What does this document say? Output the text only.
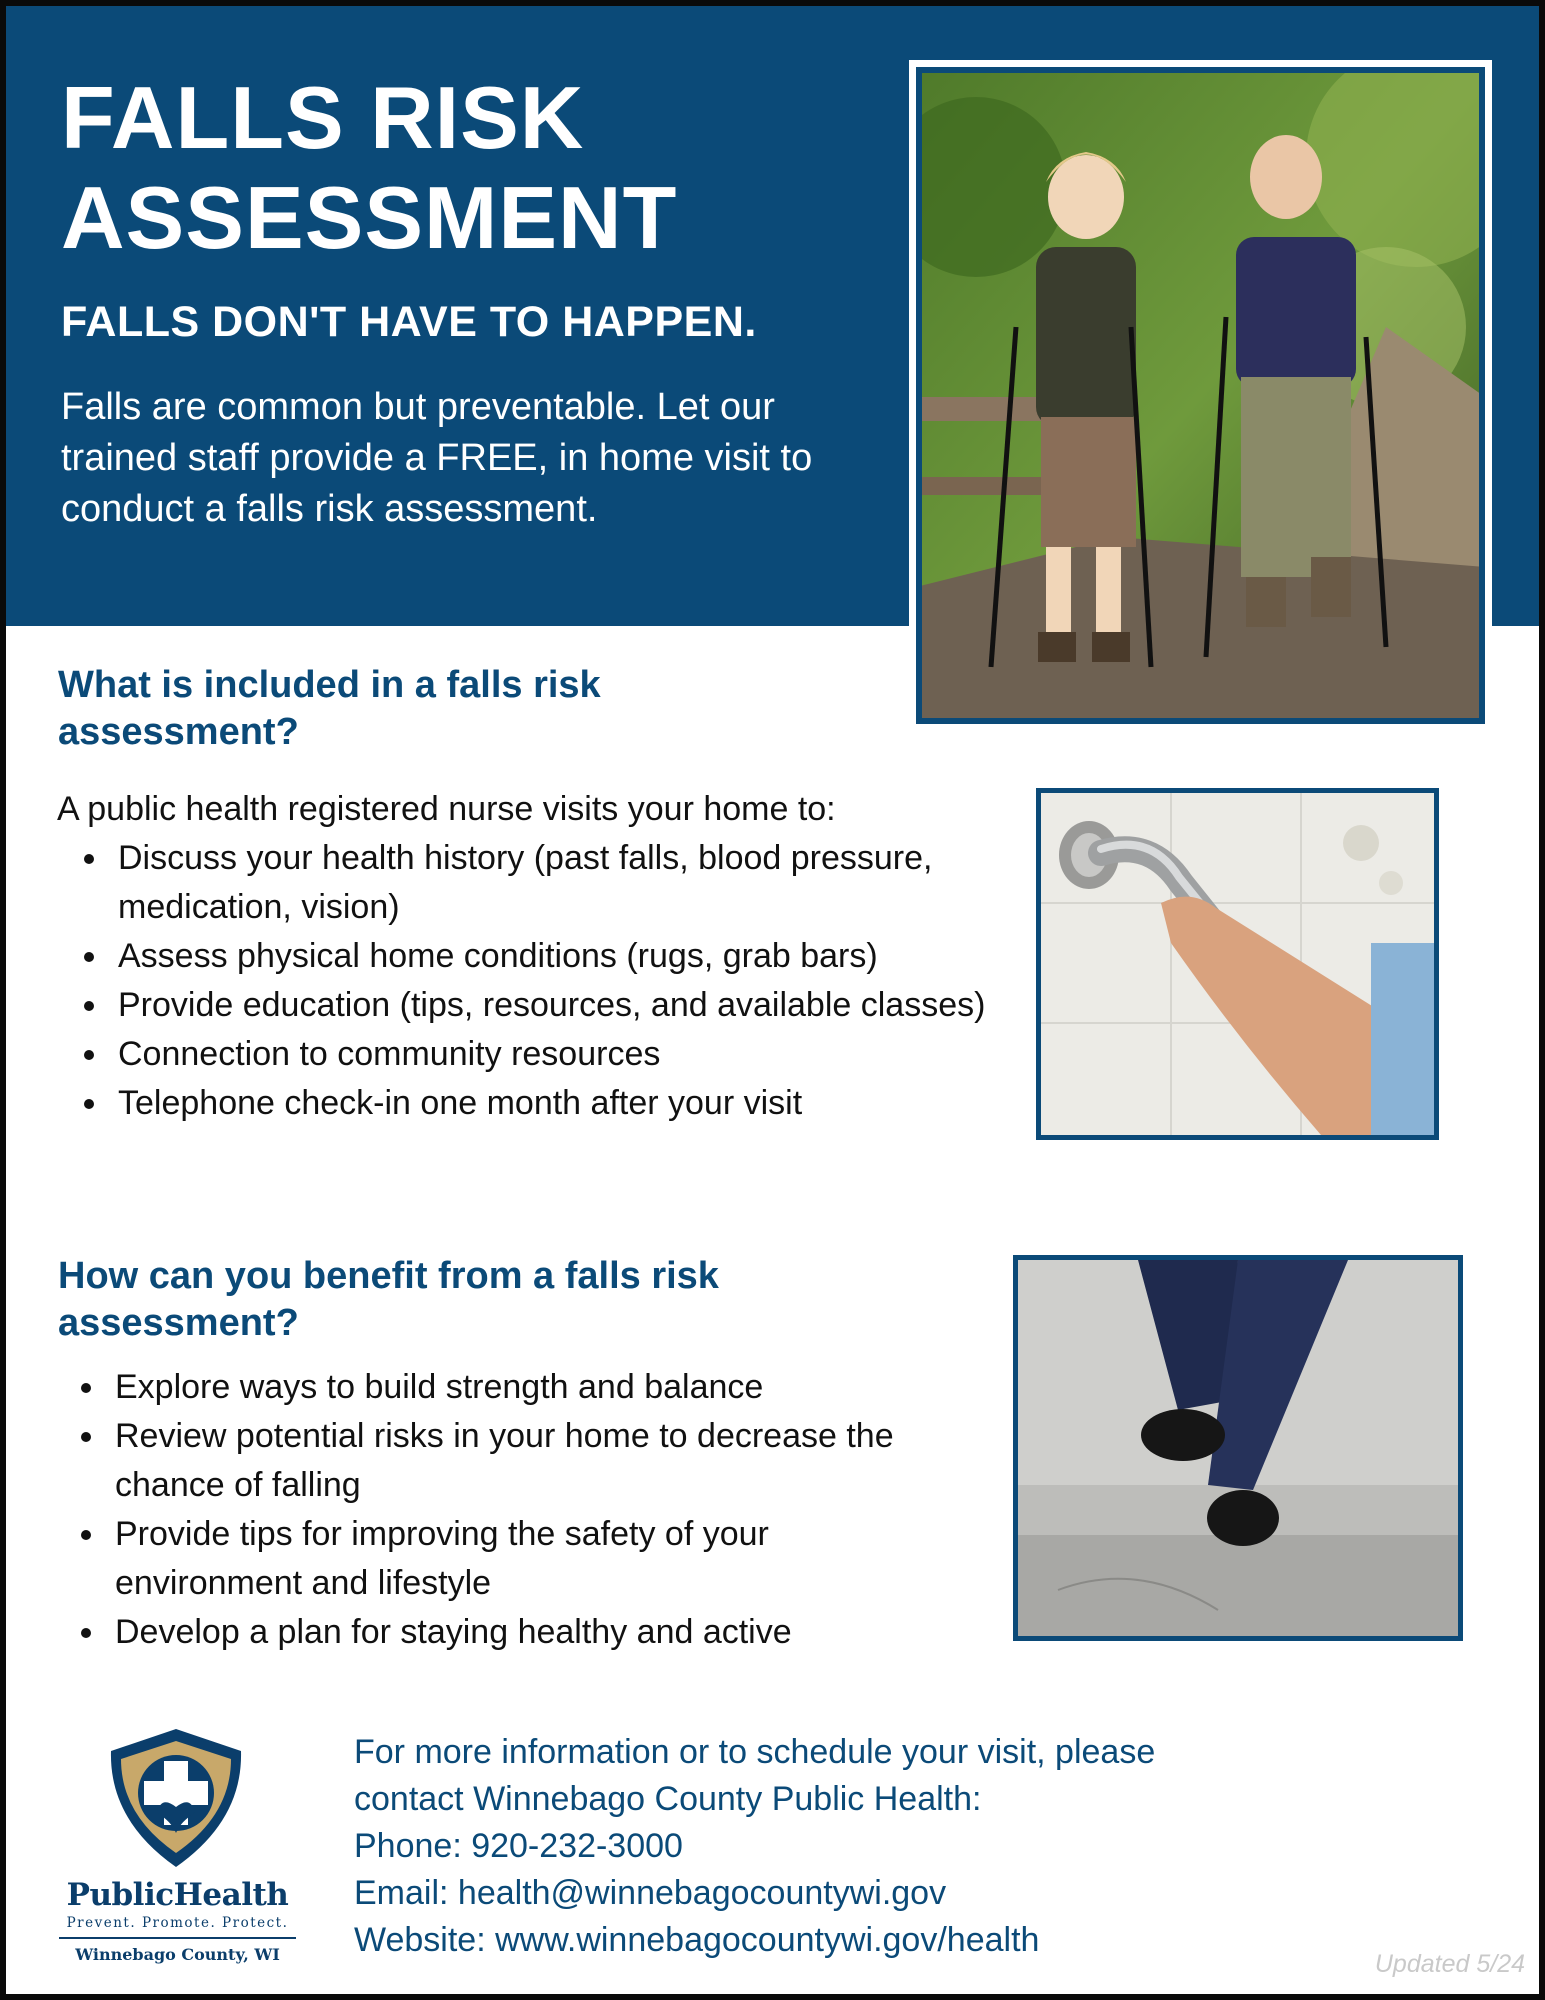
FALLS RISK
ASSESSMENT

FALLS DON'T HAVE TO HAPPEN.

Falls are common but preventable. Let our trained staff provide a FREE, in home visit to conduct a falls risk assessment.

What is included in a falls risk assessment?

A public health registered nurse visits your home to:

Discuss your health history (past falls, blood pressure, medication, vision)
Assess physical home conditions (rugs, grab bars)
Provide education (tips, resources, and available classes)
Connection to community resources
Telephone check-in one month after your visit
How can you benefit from a falls risk assessment?
Explore ways to build strength and balance
Review potential risks in your home to decrease the chance of falling
Provide tips for improving the safety of your environment and lifestyle
Develop a plan for staying healthy and active

PublicHealth

Prevent. Promote. Protect.

Winnebago County, WI

For more information or to schedule your visit, please
contact Winnebago County Public Health:
Phone: 920-232-3000
Email: health@winnebagocountywi.gov
Website: www.winnebagocountywi.gov/health

Updated 5/24
